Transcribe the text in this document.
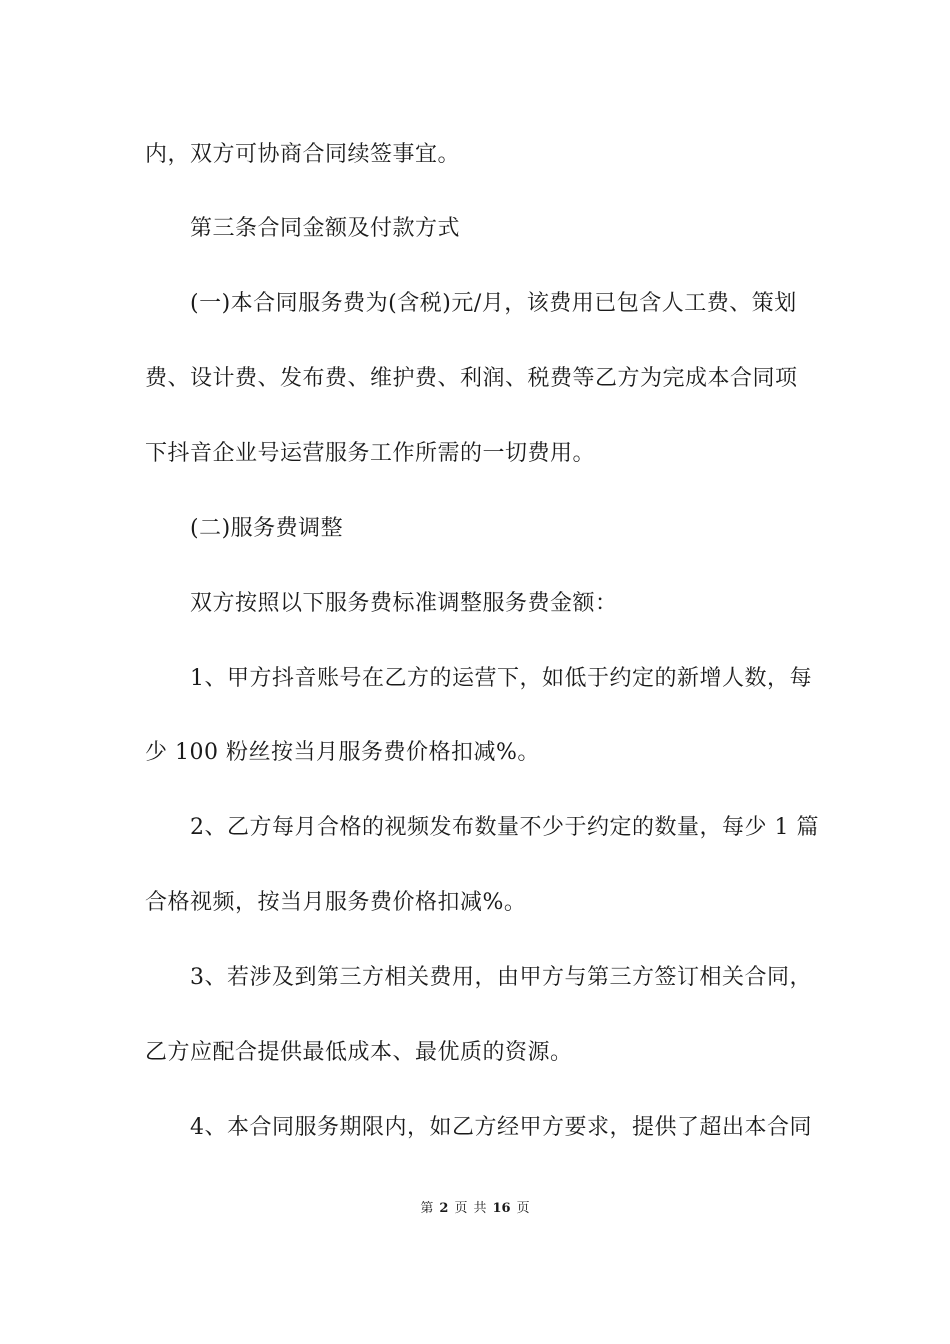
内，双方可协商合同续签事宜。
第三条合同金额及付款方式
(一)本合同服务费为(含税)元/月，该费用已包含人工费、策划
费、设计费、发布费、维护费、利润、税费等乙方为完成本合同项
下抖音企业号运营服务工作所需的一切费用。
(二)服务费调整
双方按照以下服务费标准调整服务费金额：
1、甲方抖音账号在乙方的运营下，如低于约定的新增人数，每
少 100 粉丝按当月服务费价格扣减%。
2、乙方每月合格的视频发布数量不少于约定的数量，每少 1 篇
合格视频，按当月服务费价格扣减%。
3、若涉及到第三方相关费用，由甲方与第三方签订相关合同，
乙方应配合提供最低成本、最优质的资源。
4、本合同服务期限内，如乙方经甲方要求，提供了超出本合同
第 2 页 共 16 页
